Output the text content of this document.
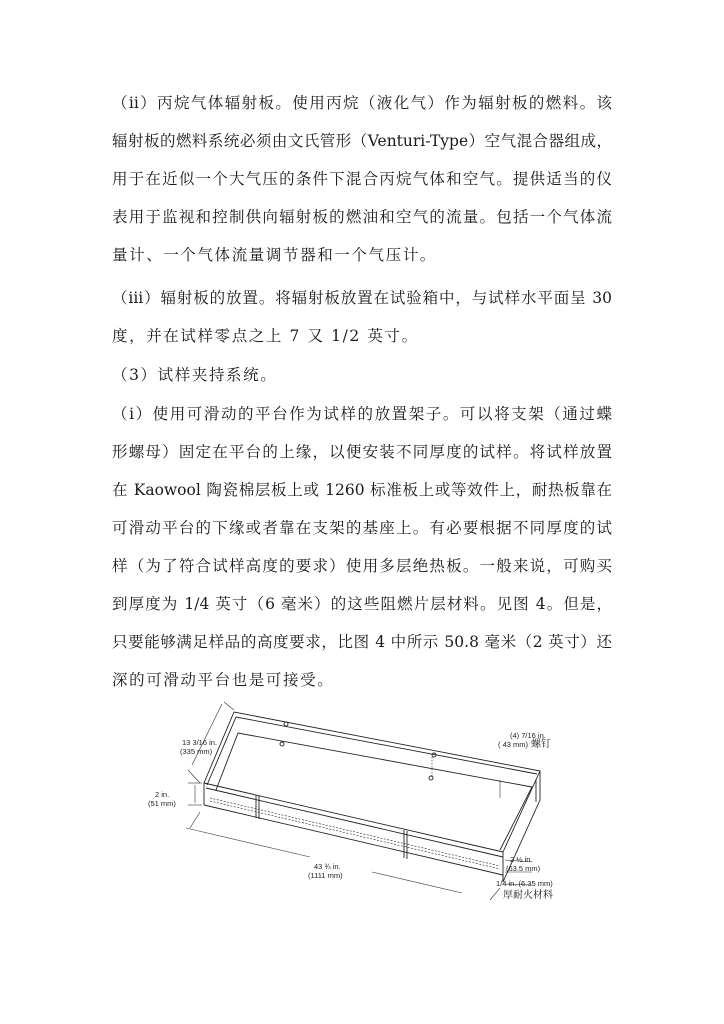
（ii）丙烷气体辐射板。使用丙烷（液化气）作为辐射板的燃料。该
辐射板的燃料系统必须由文氏管形（Venturi-Type）空气混合器组成，
用于在近似一个大气压的条件下混合丙烷气体和空气。提供适当的仪
表用于监视和控制供向辐射板的燃油和空气的流量。包括一个气体流
量计、一个气体流量调节器和一个气压计。
（iii）辐射板的放置。将辐射板放置在试验箱中，与试样水平面呈 30
度，并在试样零点之上 7 又 1/2 英寸。
（3）试样夹持系统。
（i）使用可滑动的平台作为试样的放置架子。可以将支架（通过蝶
形螺母）固定在平台的上缘，以便安装不同厚度的试样。将试样放置
在 Kaowool 陶瓷棉层板上或 1260 标准板上或等效件上，耐热板靠在
可滑动平台的下缘或者靠在支架的基座上。有必要根据不同厚度的试
样（为了符合试样高度的要求）使用多层绝热板。一般来说，可购买
到厚度为 1/4 英寸（6 毫米）的这些阻燃片层材料。见图 4。但是，
只要能够满足样品的高度要求，比图 4 中所示 50.8 毫米（2 英寸）还
深的可滑动平台也是可接受。
13 3/16 in.
(335 mm)
2 in.
(51 mm)
43 ¾ in.
(1111 mm)
(4) 7/16 in.
( 43 mm) 螺钉
2 ½ in.
(63.5 mm)
1/4 in. (6.35 mm)
厚耐火材料
